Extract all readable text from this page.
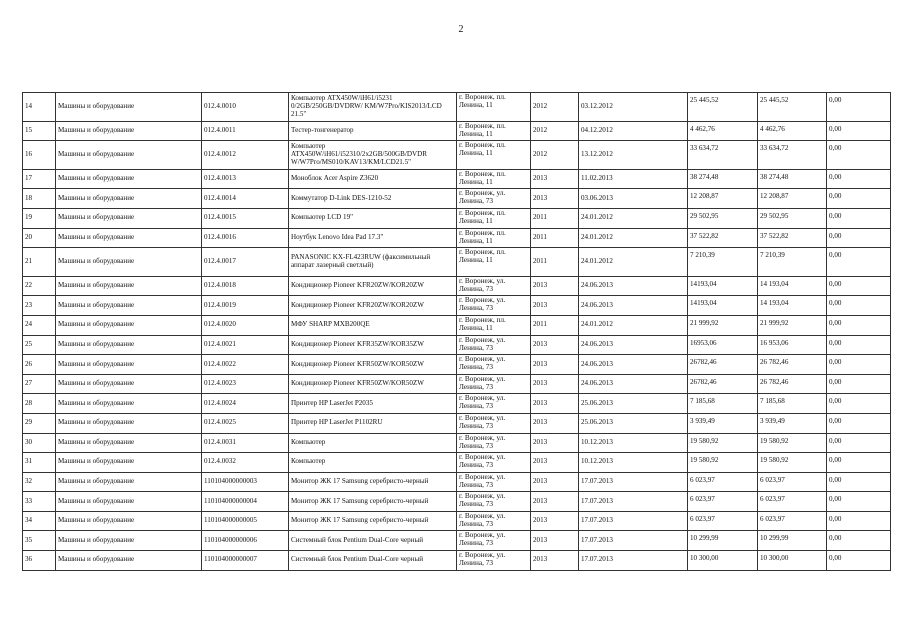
2
14	Машины и оборудование	012.4.0010	Компьютер ATX450W/iH61/i5231 0/2GB/250GB/DVDRW/ KM/W7Pro/KIS2013/LCD 21.5"	г. Воронеж, пл. Ленина, 11	2012	03.12.2012	25 445,52	25 445,52	0,00
15	Машины и оборудование	012.4.0011	Тестер-тонгенератор	г. Воронеж, пл. Ленина, 11	2012	04.12.2012	4 462,76	4 462,76	0,00
16	Машины и оборудование	012.4.0012	Компьютер ATX450W/iH61/i52310/2x2GB/500GB/DVDR W/W7Pro/MS010/KAV13/KM/LCD21.5"	г. Воронеж, пл. Ленина, 11	2012	13.12.2012	33 634,72	33 634,72	0,00
17	Машины и оборудование	012.4.0013	Моноблок Acer Aspire Z3620	г. Воронеж, пл. Ленина, 11	2013	11.02.2013	38 274,48	38 274,48	0,00
18	Машины и оборудование	012.4.0014	Коммутатор D-Link DES-1210-52	г. Воронеж, ул. Ленина, 73	2013	03.06.2013	12 208,87	12 208,87	0,00
19	Машины и оборудование	012.4.0015	Компьютер LCD 19"	г. Воронеж, пл. Ленина, 11	2011	24.01.2012	29 502,95	29 502,95	0,00
20	Машины и оборудование	012.4.0016	Ноутбук Lenovo Idea Pad 17.3"	г. Воронеж, пл. Ленина, 11	2011	24.01.2012	37 522,82	37 522,82	0,00
21	Машины и оборудование	012.4.0017	PANASONIC KX-FL423RUW (факсимильный аппарат лазерный светлый)	г. Воронеж, пл. Ленина, 11	2011	24.01.2012	7 210,39	7 210,39	0,00
22	Машины и оборудование	012.4.0018	Кондиционер Pioneer KFR20ZW/KOR20ZW	г. Воронеж, ул. Ленина, 73	2013	24.06.2013	14193,04	14 193,04	0,00
23	Машины и оборудование	012.4.0019	Кондиционер Pioneer KFR20ZW/KOR20ZW	г. Воронеж, ул. Ленина, 73	2013	24.06.2013	14193,04	14 193,04	0,00
24	Машины и оборудование	012.4.0020	МФУ SHARP MXB200QE	г. Воронеж, пл. Ленина, 11	2011	24.01.2012	21 999,92	21 999,92	0,00
25	Машины и оборудование	012.4.0021	Кондиционер Pioneer KFR35ZW/KOR35ZW	г. Воронеж, ул. Ленина, 73	2013	24.06.2013	16953,06	16 953,06	0,00
26	Машины и оборудование	012.4.0022	Кондиционер Pioneer KFR50ZW/KOR50ZW	г. Воронеж, ул. Ленина, 73	2013	24.06.2013	26782,46	26 782,46	0,00
27	Машины и оборудование	012.4.0023	Кондиционер Pioneer KFR50ZW/KOR50ZW	г. Воронеж, ул. Ленина, 73	2013	24.06.2013	26782,46	26 782,46	0,00
28	Машины и оборудование	012.4.0024	Принтер HP LaserJet P2035	г. Воронеж, ул. Ленина, 73	2013	25.06.2013	7 185,68	7 185,68	0,00
29	Машины и оборудование	012.4.0025	Принтер HP LaserJet P1102RU	г. Воронеж, ул. Ленина, 73	2013	25.06.2013	3 939,49	3 939,49	0,00
30	Машины и оборудование	012.4.0031	Компьютер	г. Воронеж, ул. Ленина, 73	2013	10.12.2013	19 580,92	19 580,92	0,00
31	Машины и оборудование	012.4.0032	Компьютер	г. Воронеж, ул. Ленина, 73	2013	10.12.2013	19 580,92	19 580,92	0,00
32	Машины и оборудование	110104000000003	Монитор ЖК 17 Samsung серебристо-черный	г. Воронеж, ул. Ленина, 73	2013	17.07.2013	6 023,97	6 023,97	0,00
33	Машины и оборудование	110104000000004	Монитор ЖК 17 Samsung серебристо-черный	г. Воронеж, ул. Ленина, 73	2013	17.07.2013	6 023,97	6 023,97	0,00
34	Машины и оборудование	110104000000005	Монитор ЖК 17 Samsung серебристо-черный	г. Воронеж, ул. Ленина, 73	2013	17.07.2013	6 023,97	6 023,97	0,00
35	Машины и оборудование	110104000000006	Системный блок Pentium Dual-Core черный	г. Воронеж, ул. Ленина, 73	2013	17.07.2013	10 299,99	10 299,99	0,00
36	Машины и оборудование	110104000000007	Системный блок Pentium Dual-Core черный	г. Воронеж, ул. Ленина, 73	2013	17.07.2013	10 300,00	10 300,00	0,00
